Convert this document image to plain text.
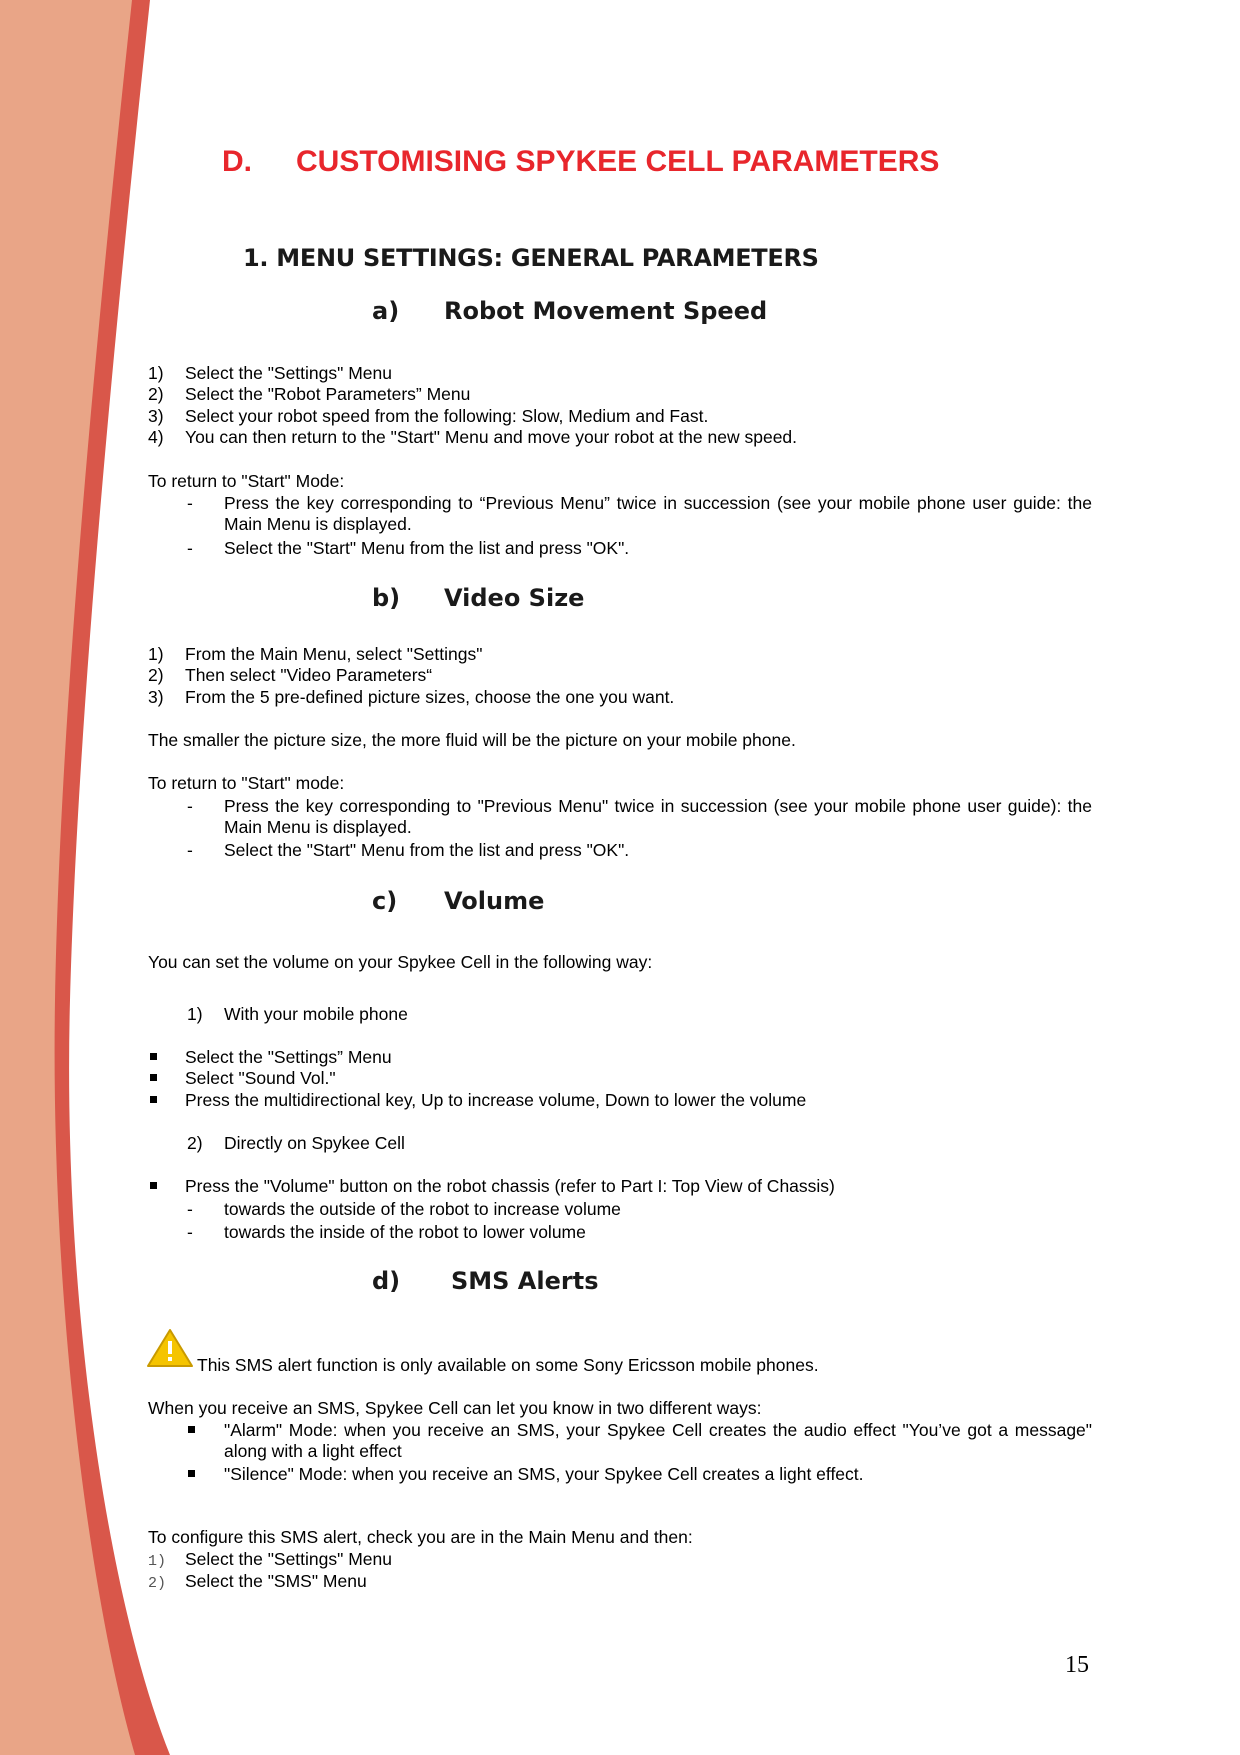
D. CUSTOMISING SPYKEE CELL PARAMETERS
1. MENU SETTINGS: GENERAL PARAMETERS
a) Robot Movement Speed
1) Select the "Settings" Menu
2) Select the "Robot Parameters” Menu
3) Select your robot speed from the following: Slow, Medium and Fast.
4) You can then return to the "Start" Menu and move your robot at the new speed.
To return to "Start" Mode:
- Press the key corresponding to “Previous Menu” twice in succession (see your mobile phone user guide: the Main Menu is displayed.
- Select the "Start" Menu from the list and press "OK".
b) Video Size
1) From the Main Menu, select "Settings"
2) Then select "Video Parameters“
3) From the 5 pre-defined picture sizes, choose the one you want.
The smaller the picture size, the more fluid will be the picture on your mobile phone.
To return to "Start" mode:
- Press the key corresponding to "Previous Menu" twice in succession (see your mobile phone user guide): the Main Menu is displayed.
- Select the "Start" Menu from the list and press "OK".
c) Volume
You can set the volume on your Spykee Cell in the following way:
1) With your mobile phone
Select the "Settings” Menu
Select "Sound Vol."
Press the multidirectional key, Up to increase volume, Down to lower the volume
2) Directly on Spykee Cell
Press the "Volume" button on the robot chassis (refer to Part I: Top View of Chassis)
- towards the outside of the robot to increase volume
- towards the inside of the robot to lower volume
d) SMS Alerts
This SMS alert function is only available on some Sony Ericsson mobile phones.
When you receive an SMS, Spykee Cell can let you know in two different ways:
"Alarm" Mode: when you receive an SMS, your Spykee Cell creates the audio effect "You’ve got a message" along with a light effect
"Silence" Mode: when you receive an SMS, your Spykee Cell creates a light effect.
To configure this SMS alert, check you are in the Main Menu and then:
1) Select the "Settings" Menu
2) Select the "SMS" Menu
15
